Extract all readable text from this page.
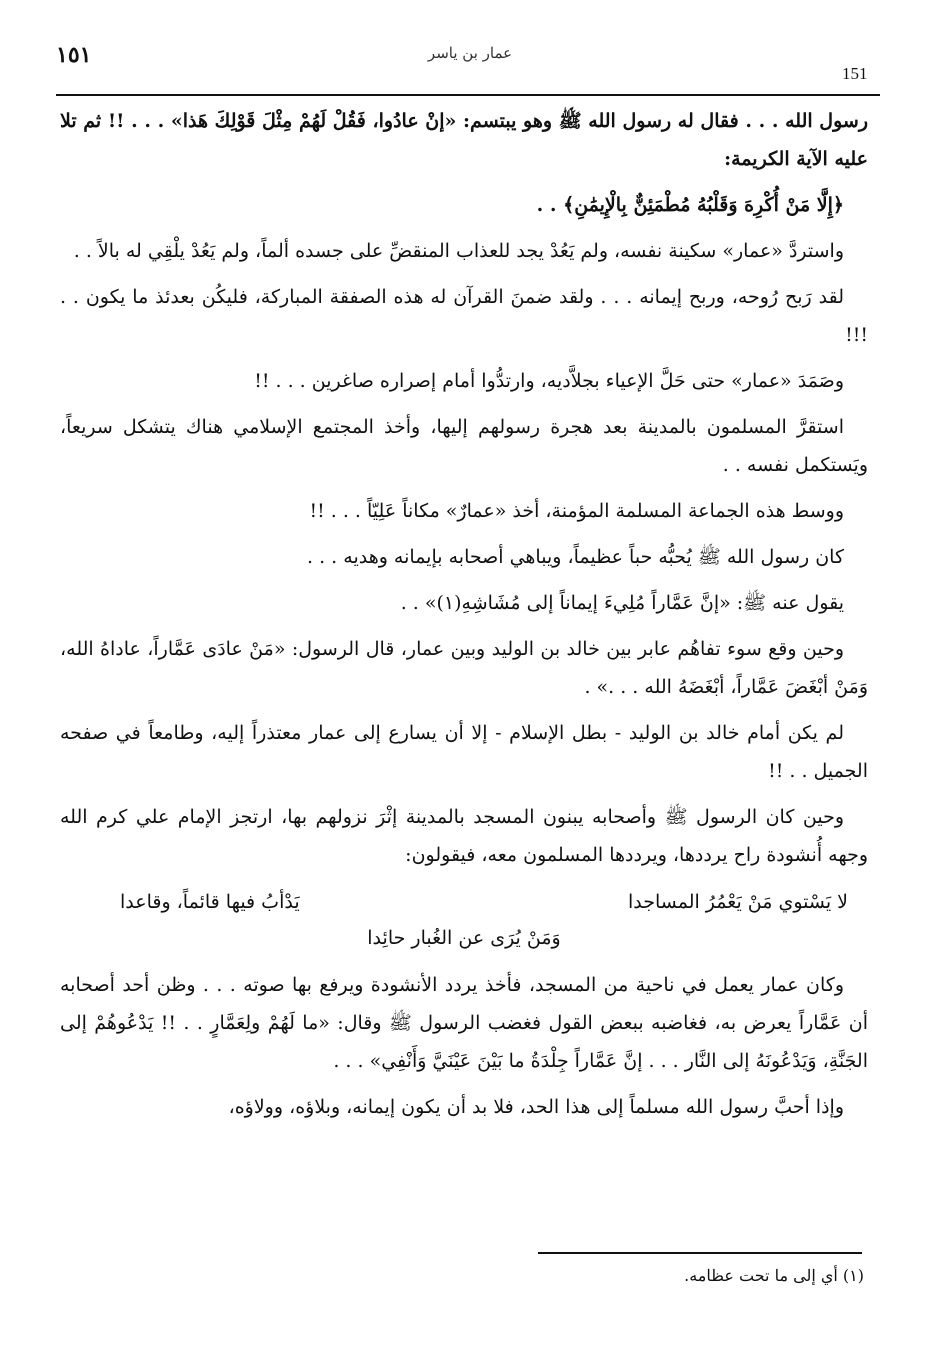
١٥١	عمار بن ياسر
151

رسول الله . . . فقال له رسول الله ﷺ وهو يبتسم: «إنْ عادُوا، فَقُلْ لَهُمْ مِثْلَ قَوْلِكَ هَذا» . . . !! ثم تلا عليه الآية الكريمة:

﴿إِلَّا مَنْ أُكْرِهَ وَقَلْبُهُ مُطْمَئِنٌّ بِالْإِيمَٰنِ﴾ . .

واستردَّ «عمار» سكينة نفسه، ولم يَعُدْ يجد للعذاب المنقضِّ على جسده ألماً، ولم يَعُدْ يلْقِي له بالاً . .

لقد رَبح رُوحه، وربح إيمانه . . . ولقد ضمنَ القرآن له هذه الصفقة المباركة، فليكُن بعدئذ ما يكون . . !!!

وصَمَدَ «عمار» حتى حَلَّ الإعياء بجلاَّديه، وارتدُّوا أمام إصراره صاغرين . . . !!

استقرَّ المسلمون بالمدينة بعد هجرة رسولهم إليها، وأخذ المجتمع الإسلامي هناك يتشكل سريعاً، ويَستكمل نفسه . .

ووسط هذه الجماعة المسلمة المؤمنة، أخذ «عمارٌ» مكاناً عَلِيّاً . . . !!

كان رسول الله ﷺ يُحبُّه حباً عظيماً، ويباهي أصحابه بإيمانه وهديه . . .

يقول عنه ﷺ: «إنَّ عَمَّاراً مُلِيءَ إيماناً إلى مُشَاشِهِ(١)» . .

وحين وقع سوء تفاهُم عابر بين خالد بن الوليد وبين عمار، قال الرسول: «مَنْ عادَى عَمَّاراً، عاداهُ الله، وَمَنْ أبْغَضَ عَمَّاراً، أبْغَضَهُ الله . . .» .

لم يكن أمام خالد بن الوليد - بطل الإسلام - إلا أن يسارع إلى عمار معتذراً إليه، وطامعاً في صفحه الجميل . . !!

وحين كان الرسول ﷺ وأصحابه يبنون المسجد بالمدينة إثْرَ نزولهم بها، ارتجز الإمام علي كرم الله وجهه أُنشودة راح يرددها، ويرددها المسلمون معه، فيقولون:

لا يَسْتوي مَنْ يَعْمُرُ المساجدا
يَدْأبُ فيها قائماً، وقاعدا
وَمَنْ يُرَى عن الغُبار حائِدا

وكان عمار يعمل في ناحية من المسجد، فأخذ يردد الأنشودة ويرفع بها صوته . . . وظن أحد أصحابه أن عَمَّاراً يعرض به، فغاضبه ببعض القول فغضب الرسول ﷺ وقال: «ما لَهُمْ ولِعَمَّارٍ . . !! يَدْعُوهُمْ إلى الجَنَّةِ، وَيَدْعُونَهُ إلى النَّار . . . إنَّ عَمَّاراً جِلْدَةُ ما بَيْنَ عَيْنَيَّ وَأَنْفِي» . . .

وإذا أحبَّ رسول الله مسلماً إلى هذا الحد، فلا بد أن يكون إيمانه، وبلاؤه، وولاؤه،

(١) أي إلى ما تحت عظامه.
